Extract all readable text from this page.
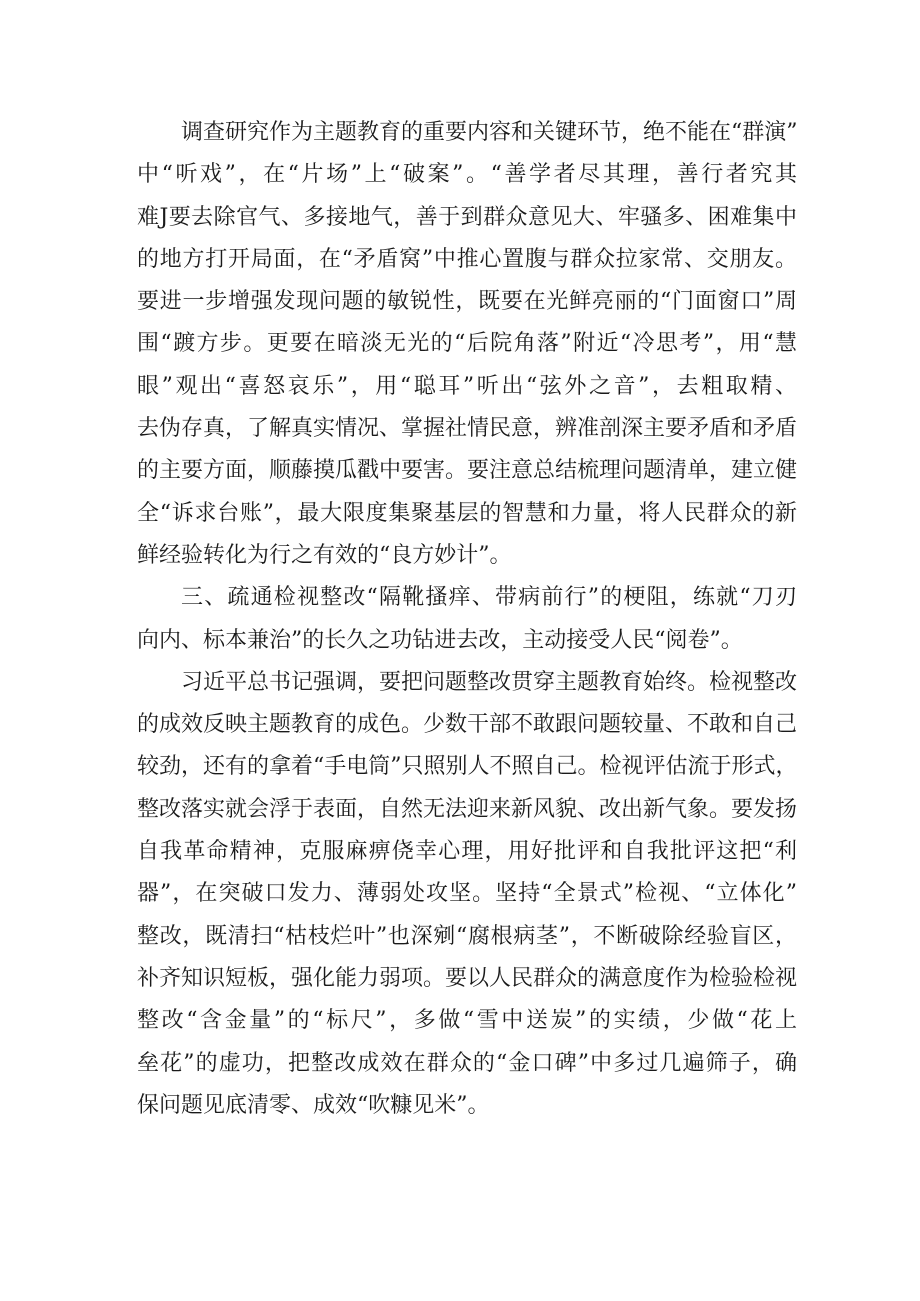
调查研究作为主题教育的重要内容和关键环节，绝不能在“群演”
中“听戏”，在“片场”上“破案”。“善学者尽其理，善行者究其
难J要去除官气、多接地气，善于到群众意见大、牢骚多、困难集中
的地方打开局面，在“矛盾窝”中推心置腹与群众拉家常、交朋友。
要进一步增强发现问题的敏锐性，既要在光鲜亮丽的“门面窗口”周
围“踱方步。更要在暗淡无光的“后院角落”附近“冷思考”，用“慧
眼”观出“喜怒哀乐”，用“聪耳”听出“弦外之音”，去粗取精、
去伪存真，了解真实情况、掌握社情民意，辨准剖深主要矛盾和矛盾
的主要方面，顺藤摸瓜戳中要害。要注意总结梳理问题清单，建立健
全“诉求台账”，最大限度集聚基层的智慧和力量，将人民群众的新
鲜经验转化为行之有效的“良方妙计”。
三、疏通检视整改“隔靴搔痒、带病前行”的梗阻，练就“刀刃
向内、标本兼治”的长久之功钻进去改，主动接受人民“阅卷”。
习近平总书记强调，要把问题整改贯穿主题教育始终。检视整改
的成效反映主题教育的成色。少数干部不敢跟问题较量、不敢和自己
较劲，还有的拿着“手电筒”只照别人不照自己。检视评估流于形式，
整改落实就会浮于表面，自然无法迎来新风貌、改出新气象。要发扬
自我革命精神，克服麻痹侥幸心理，用好批评和自我批评这把“利
器”，在突破口发力、薄弱处攻坚。坚持“全景式”检视、“立体化”
整改，既清扫“枯枝烂叶”也深剜“腐根病茎”，不断破除经验盲区，
补齐知识短板，强化能力弱项。要以人民群众的满意度作为检验检视
整改“含金量”的“标尺”，多做“雪中送炭”的实绩，少做“花上
垒花”的虚功，把整改成效在群众的“金口碑”中多过几遍筛子，确
保问题见底清零、成效“吹糠见米”。
